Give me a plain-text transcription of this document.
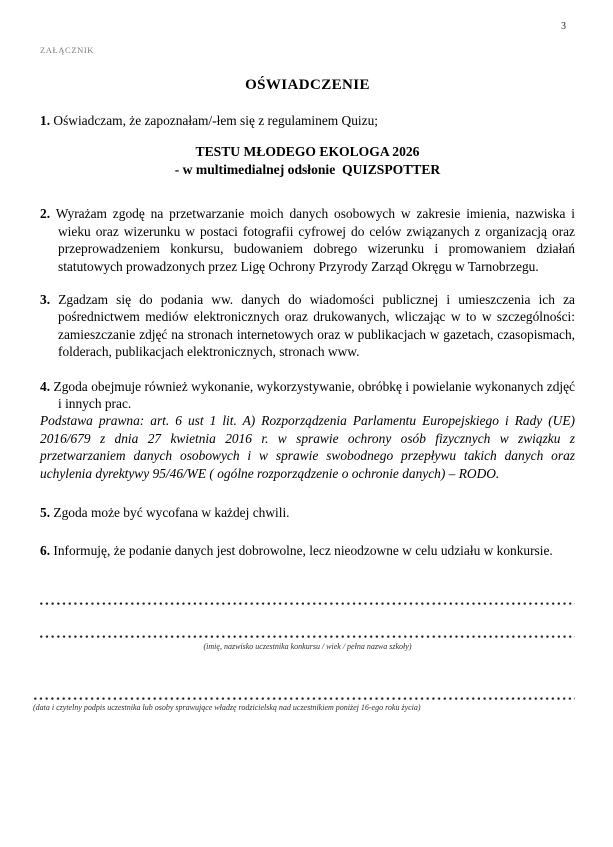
3
ZAŁĄCZNIK
OŚWIADCZENIE

1. Oświadczam, że zapoznałam/-łem się z regulaminem Quizu;

TESTU MŁODEGO EKOLOGA 2026
- w multimedialnej odsłonie  QUIZSPOTTER

2. Wyrażam zgodę na przetwarzanie moich danych osobowych w zakresie imienia, nazwiska i wieku oraz wizerunku w postaci fotografii cyfrowej do celów związanych z organizacją oraz przeprowadzeniem konkursu, budowaniem dobrego wizerunku i promowaniem działań statutowych prowadzonych przez Ligę Ochrony Przyrody Zarząd Okręgu w Tarnobrzegu.

3. Zgadzam się do podania ww. danych do wiadomości publicznej i umieszczenia ich za pośrednictwem mediów elektronicznych oraz drukowanych, wliczając w to w szczególności: zamieszczanie zdjęć na stronach internetowych oraz w publikacjach w gazetach, czasopismach, folderach, publikacjach elektronicznych, stronach www.

4. Zgoda obejmuje również wykonanie, wykorzystywanie, obróbkę i powielanie wykonanych zdjęć i innych prac.

Podstawa prawna: art. 6 ust 1 lit. A) Rozporządzenia Parlamentu Europejskiego i Rady (UE) 2016/679 z dnia 27 kwietnia 2016 r. w sprawie ochrony osób fizycznych w związku z przetwarzaniem danych osobowych i w sprawie swobodnego przepływu takich danych oraz uchylenia dyrektywy 95/46/WE ( ogólne rozporządzenie o ochronie danych) – RODO.

5. Zgoda może być wycofana w każdej chwili.

6. Informuję, że podanie danych jest dobrowolne, lecz nieodzowne w celu udziału w konkursie.

(imię, nazwisko uczestnika konkursu / wiek / pełna nazwa szkoły)
(data i czytelny podpis uczestnika lub osoby sprawujące władzę rodzicielską nad uczestnikiem poniżej 16-ego roku życia)
